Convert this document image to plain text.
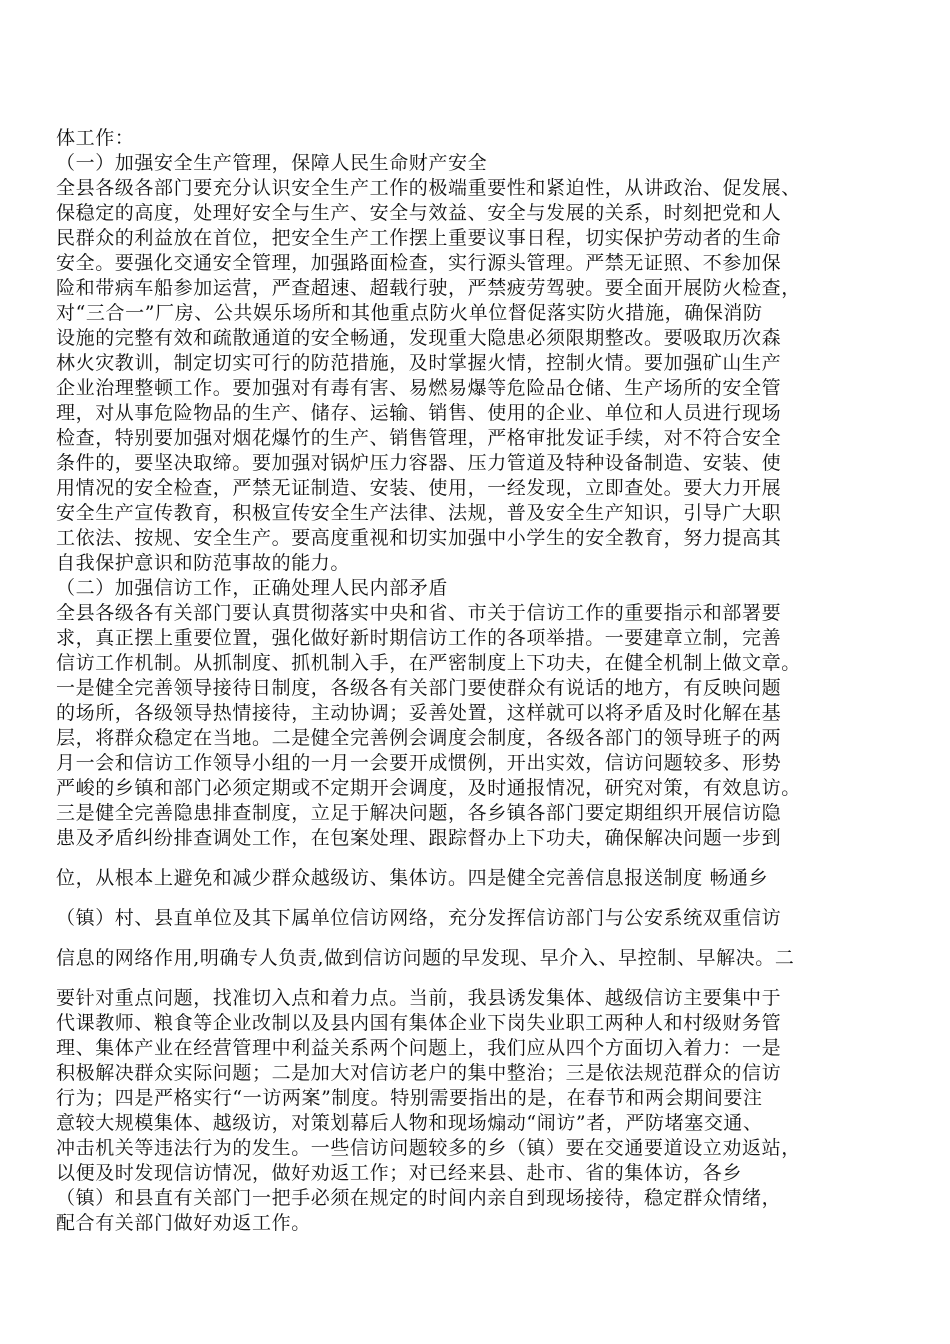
体工作：
（一）加强安全生产管理，保障人民生命财产安全
全县各级各部门要充分认识安全生产工作的极端重要性和紧迫性，从讲政治、促发展、
保稳定的高度，处理好安全与生产、安全与效益、安全与发展的关系，时刻把党和人
民群众的利益放在首位，把安全生产工作摆上重要议事日程，切实保护劳动者的生命
安全。要强化交通安全管理，加强路面检查，实行源头管理。严禁无证照、不参加保
险和带病车船参加运营，严查超速、超载行驶，严禁疲劳驾驶。要全面开展防火检查，
对“三合一”厂房、公共娱乐场所和其他重点防火单位督促落实防火措施，确保消防
设施的完整有效和疏散通道的安全畅通，发现重大隐患必须限期整改。要吸取历次森
林火灾教训，制定切实可行的防范措施，及时掌握火情，控制火情。要加强矿山生产
企业治理整顿工作。要加强对有毒有害、易燃易爆等危险品仓储、生产场所的安全管
理，对从事危险物品的生产、储存、运输、销售、使用的企业、单位和人员进行现场
检查，特别要加强对烟花爆竹的生产、销售管理，严格审批发证手续，对不符合安全
条件的，要坚决取缔。要加强对锅炉压力容器、压力管道及特种设备制造、安装、使
用情况的安全检查，严禁无证制造、安装、使用，一经发现，立即查处。要大力开展
安全生产宣传教育，积极宣传安全生产法律、法规，普及安全生产知识，引导广大职
工依法、按规、安全生产。要高度重视和切实加强中小学生的安全教育，努力提高其
自我保护意识和防范事故的能力。
（二）加强信访工作，正确处理人民内部矛盾
全县各级各有关部门要认真贯彻落实中央和省、市关于信访工作的重要指示和部署要
求，真正摆上重要位置，强化做好新时期信访工作的各项举措。一要建章立制，完善
信访工作机制。从抓制度、抓机制入手，在严密制度上下功夫，在健全机制上做文章。
一是健全完善领导接待日制度，各级各有关部门要使群众有说话的地方，有反映问题
的场所，各级领导热情接待，主动协调；妥善处置，这样就可以将矛盾及时化解在基
层，将群众稳定在当地。二是健全完善例会调度会制度，各级各部门的领导班子的两
月一会和信访工作领导小组的一月一会要开成惯例，开出实效，信访问题较多、形势
严峻的乡镇和部门必须定期或不定期开会调度，及时通报情况，研究对策，有效息访。
三是健全完善隐患排查制度，立足于解决问题，各乡镇各部门要定期组织开展信访隐
患及矛盾纠纷排查调处工作，在包案处理、跟踪督办上下功夫，确保解决问题一步到
位，从根本上避免和减少群众越级访、集体访。四是健全完善信息报送制度 畅通乡
（镇）村、县直单位及其下属单位信访网络，充分发挥信访部门与公安系统双重信访
信息的网络作用,明确专人负责,做到信访问题的早发现、早介入、早控制、早解决。二
要针对重点问题，找准切入点和着力点。当前，我县诱发集体、越级信访主要集中于
代课教师、粮食等企业改制以及县内国有集体企业下岗失业职工两种人和村级财务管
理、集体产业在经营管理中利益关系两个问题上，我们应从四个方面切入着力：一是
积极解决群众实际问题；二是加大对信访老户的集中整治；三是依法规范群众的信访
行为；四是严格实行“一访两案”制度。特别需要指出的是，在春节和两会期间要注
意较大规模集体、越级访，对策划幕后人物和现场煽动“闹访”者，严防堵塞交通、
冲击机关等违法行为的发生。一些信访问题较多的乡（镇）要在交通要道设立劝返站，
以便及时发现信访情况，做好劝返工作；对已经来县、赴市、省的集体访，各乡
（镇）和县直有关部门一把手必须在规定的时间内亲自到现场接待，稳定群众情绪，
配合有关部门做好劝返工作。
